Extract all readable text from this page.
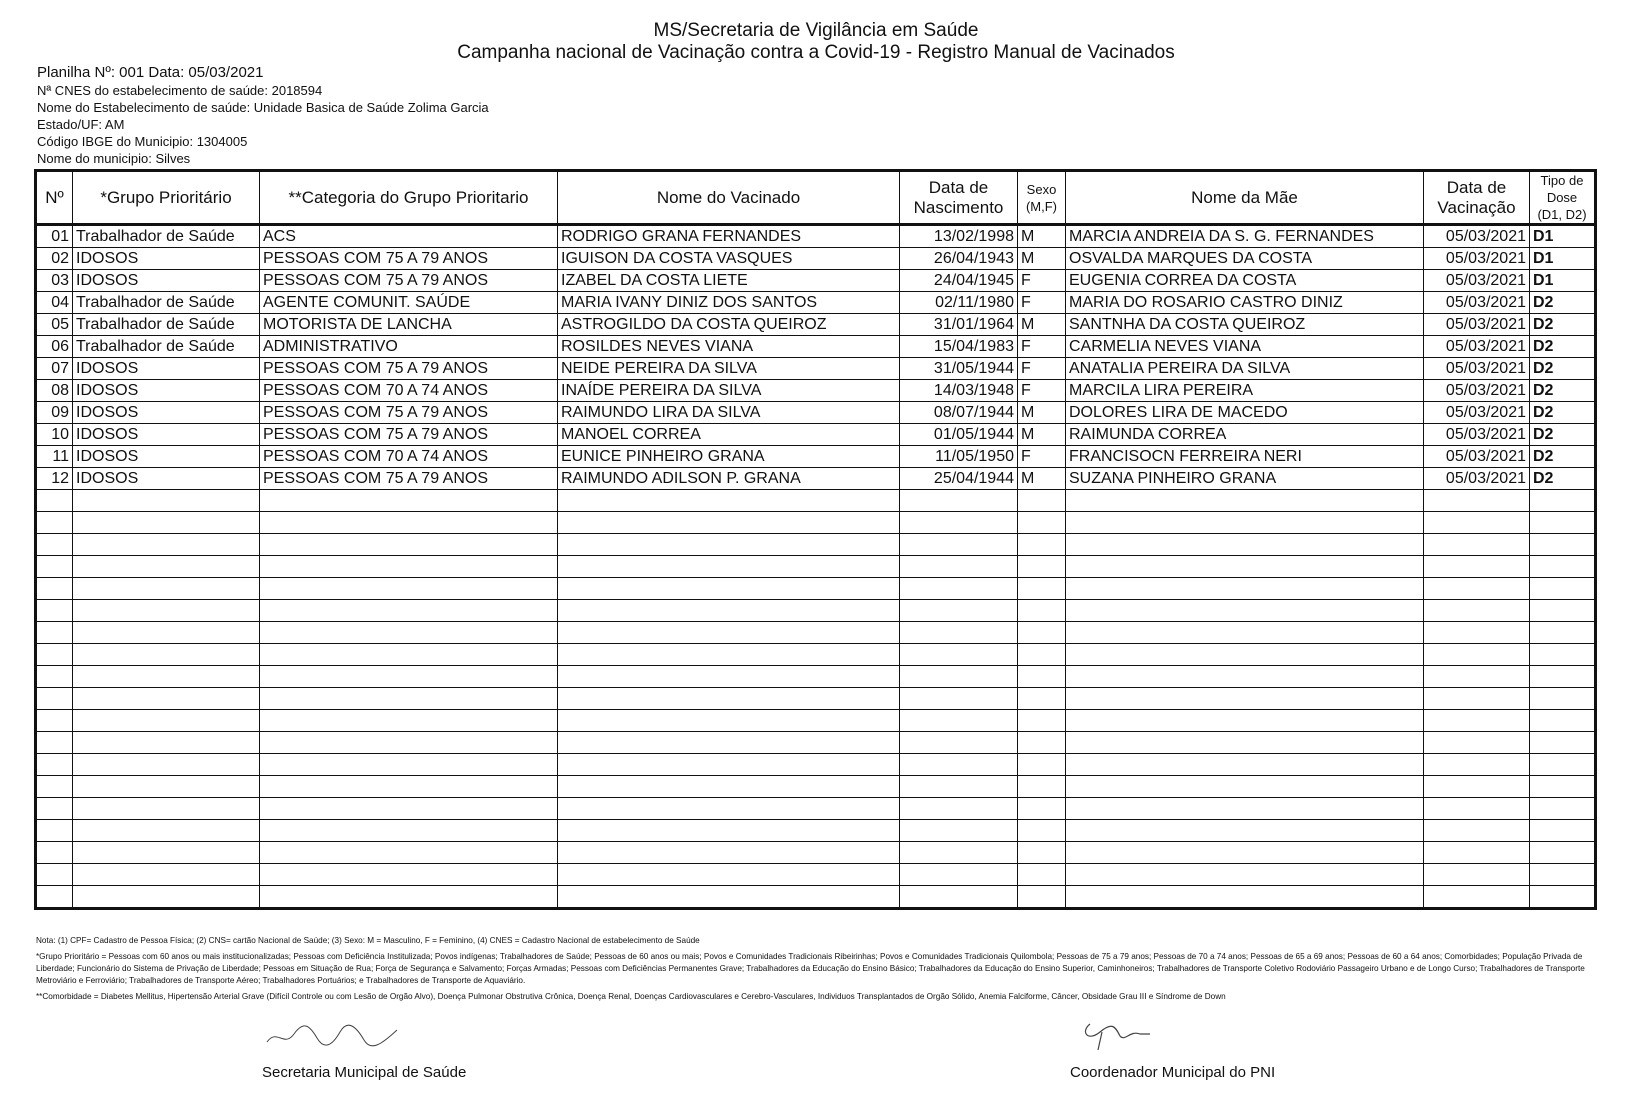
MS/Secretaria de Vigilância em Saúde
Campanha nacional de Vacinação contra a Covid-19 - Registro Manual de Vacinados
Planilha Nº: 001 Data: 05/03/2021
Nª CNES do estabelecimento de saúde: 2018594
Nome do Estabelecimento de saúde: Unidade Basica de Saúde Zolima Garcia
Estado/UF: AM
Código IBGE do Municipio: 1304005
Nome do municipio: Silves
Nº	*Grupo Prioritário	**Categoria do Grupo Prioritario	Nome do Vacinado	Data de Nascimento	Sexo (M,F)	Nome da Mãe	Data de Vacinação	Tipo de Dose (D1, D2)
01	Trabalhador de Saúde	ACS	RODRIGO GRANA FERNANDES	13/02/1998	M	MARCIA ANDREIA DA S. G. FERNANDES	05/03/2021	D1
02	IDOSOS	PESSOAS COM 75 A 79 ANOS	IGUISON DA COSTA VASQUES	26/04/1943	M	OSVALDA MARQUES DA COSTA	05/03/2021	D1
03	IDOSOS	PESSOAS COM 75 A 79 ANOS	IZABEL DA COSTA LIETE	24/04/1945	F	EUGENIA CORREA DA COSTA	05/03/2021	D1
04	Trabalhador de Saúde	AGENTE COMUNIT. SAÚDE	MARIA IVANY DINIZ DOS SANTOS	02/11/1980	F	MARIA DO ROSARIO CASTRO DINIZ	05/03/2021	D2
05	Trabalhador de Saúde	MOTORISTA DE LANCHA	ASTROGILDO DA COSTA QUEIROZ	31/01/1964	M	SANTNHA DA COSTA QUEIROZ	05/03/2021	D2
06	Trabalhador de Saúde	ADMINISTRATIVO	ROSILDES NEVES VIANA	15/04/1983	F	CARMELIA NEVES VIANA	05/03/2021	D2
07	IDOSOS	PESSOAS COM 75 A 79 ANOS	NEIDE PEREIRA DA SILVA	31/05/1944	F	ANATALIA PEREIRA DA SILVA	05/03/2021	D2
08	IDOSOS	PESSOAS COM 70 A 74 ANOS	INAÍDE PEREIRA DA SILVA	14/03/1948	F	MARCILA LIRA PEREIRA	05/03/2021	D2
09	IDOSOS	PESSOAS COM 75 A 79 ANOS	RAIMUNDO LIRA DA SILVA	08/07/1944	M	DOLORES LIRA DE MACEDO	05/03/2021	D2
10	IDOSOS	PESSOAS COM 75 A 79 ANOS	MANOEL CORREA	01/05/1944	M	RAIMUNDA CORREA	05/03/2021	D2
11	IDOSOS	PESSOAS COM 70 A 74 ANOS	EUNICE PINHEIRO GRANA	11/05/1950	F	FRANCISOCN FERREIRA NERI	05/03/2021	D2
12	IDOSOS	PESSOAS COM 75 A 79 ANOS	RAIMUNDO ADILSON P. GRANA	25/04/1944	M	SUZANA PINHEIRO GRANA	05/03/2021	D2

Nota: (1) CPF= Cadastro de Pessoa Física; (2) CNS= cartão Nacional de Saúde; (3) Sexo: M = Masculino, F = Feminino, (4) CNES = Cadastro Nacional de estabelecimento de Saúde
*Grupo Prioritário = Pessoas com 60 anos ou mais institucionalizadas; Pessoas com Deficiência Institulizada; Povos indígenas; Trabalhadores de Saúde; Pessoas de 60 anos ou mais; Povos e Comunidades Tradicionais Ribeirinhas; Povos e Comunidades Tradicionais Quilombola; Pessoas de 75 a 79 anos; Pessoas de 70 a 74 anos; Pessoas de 65 a 69 anos; Pessoas de 60 a 64 anos; Comorbidades; População Privada de Liberdade; Funcionário do Sistema de Privação de Liberdade; Pessoas em Situação de Rua; Força de Segurança e Salvamento; Forças Armadas; Pessoas com Deficiências Permanentes Grave; Trabalhadores da Educação do Ensino Básico; Trabalhadores da Educação do Ensino Superior, Caminhoneiros; Trabalhadores de Transporte Coletivo Rodoviário Passageiro Urbano e de Longo Curso; Trabalhadores de Transporte Metroviário e Ferroviário; Trabalhadores de Transporte Aéreo; Trabalhadores Portuários; e Trabalhadores de Transporte de Aquaviário.
**Comorbidade = Diabetes Mellitus, Hipertensão Arterial Grave (Difícil Controle ou com Lesão de Orgão Alvo), Doença Pulmonar Obstrutiva Crônica, Doença Renal, Doenças Cardiovasculares e Cerebro-Vasculares, Individuos Transplantados de Orgão Sólido, Anemia Falciforme, Câncer, Obsidade Grau III e Síndrome de Down
Secretaria Municipal de Saúde	Coordenador Municipal do PNI
